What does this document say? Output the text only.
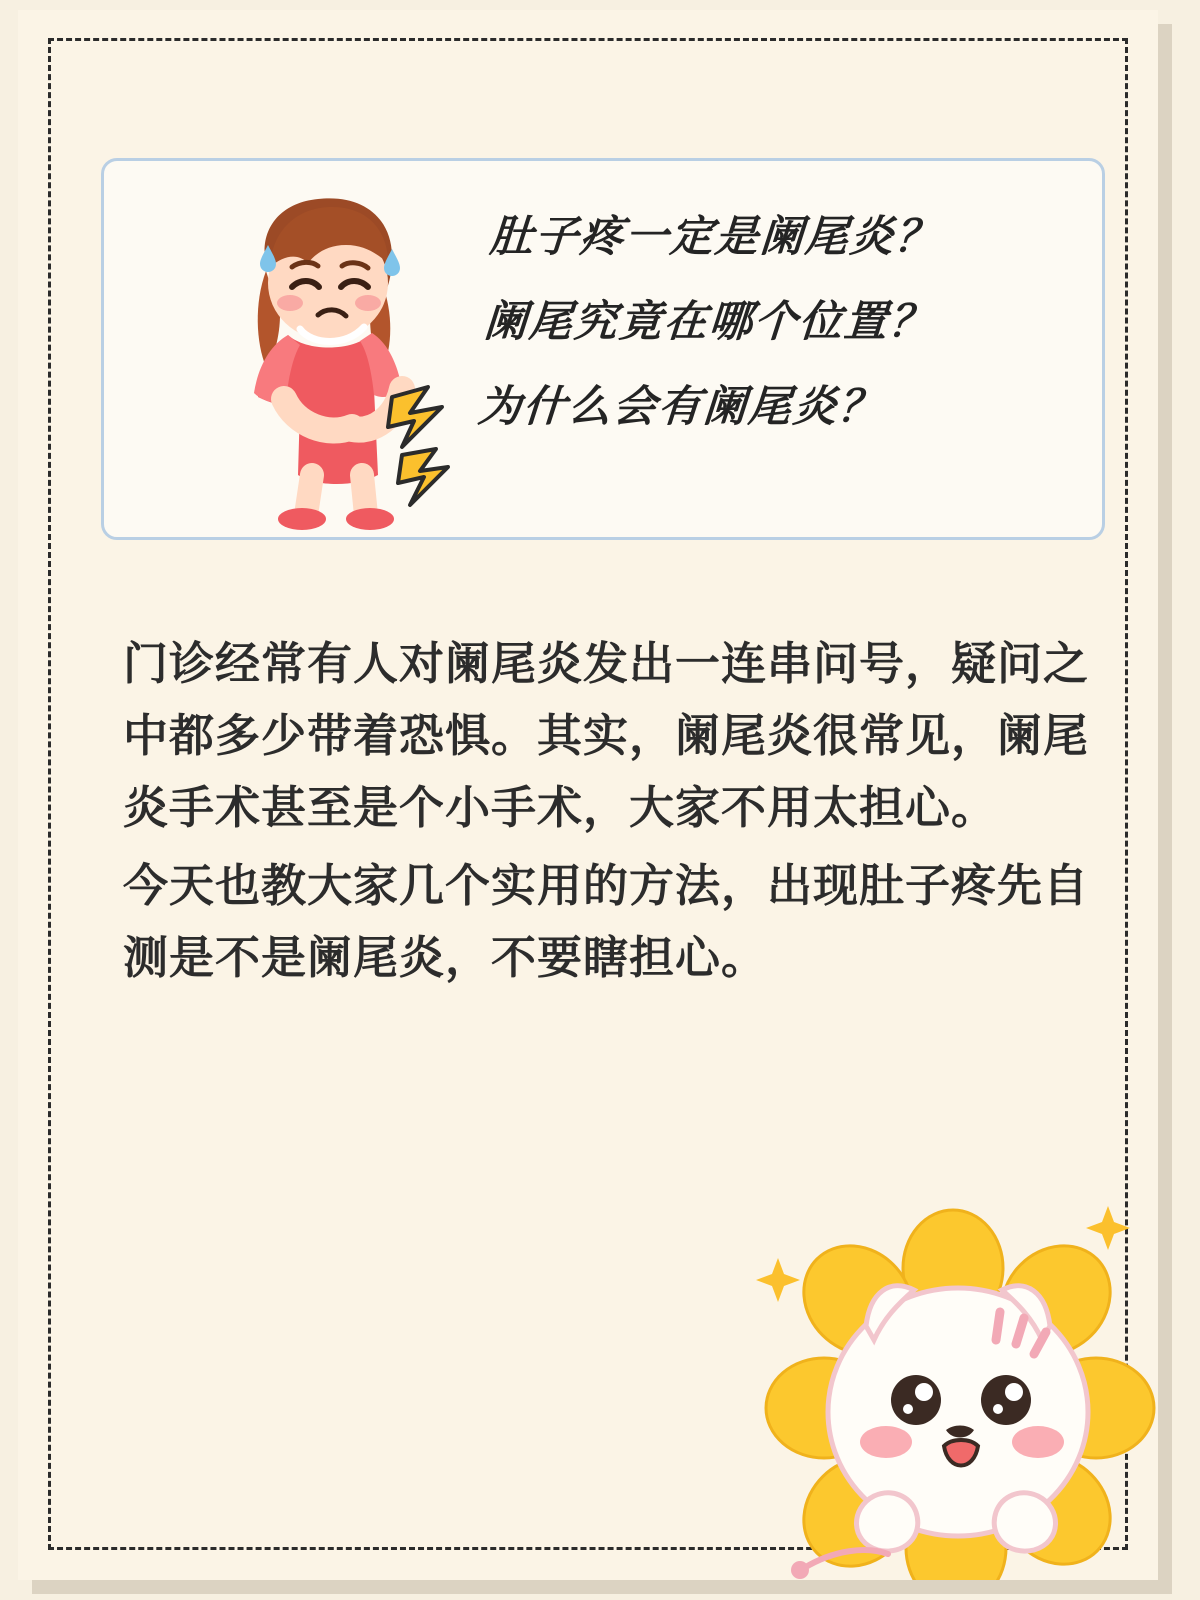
肚子疼一定是阑尾炎？
阑尾究竟在哪个位置？
为什么会有阑尾炎？

门诊经常有人对阑尾炎发出一连串问号，疑问之中都多少带着恐惧。其实，阑尾炎很常见，阑尾炎手术甚至是个小手术，大家不用太担心。

今天也教大家几个实用的方法，出现肚子疼先自测是不是阑尾炎，不要瞎担心。
